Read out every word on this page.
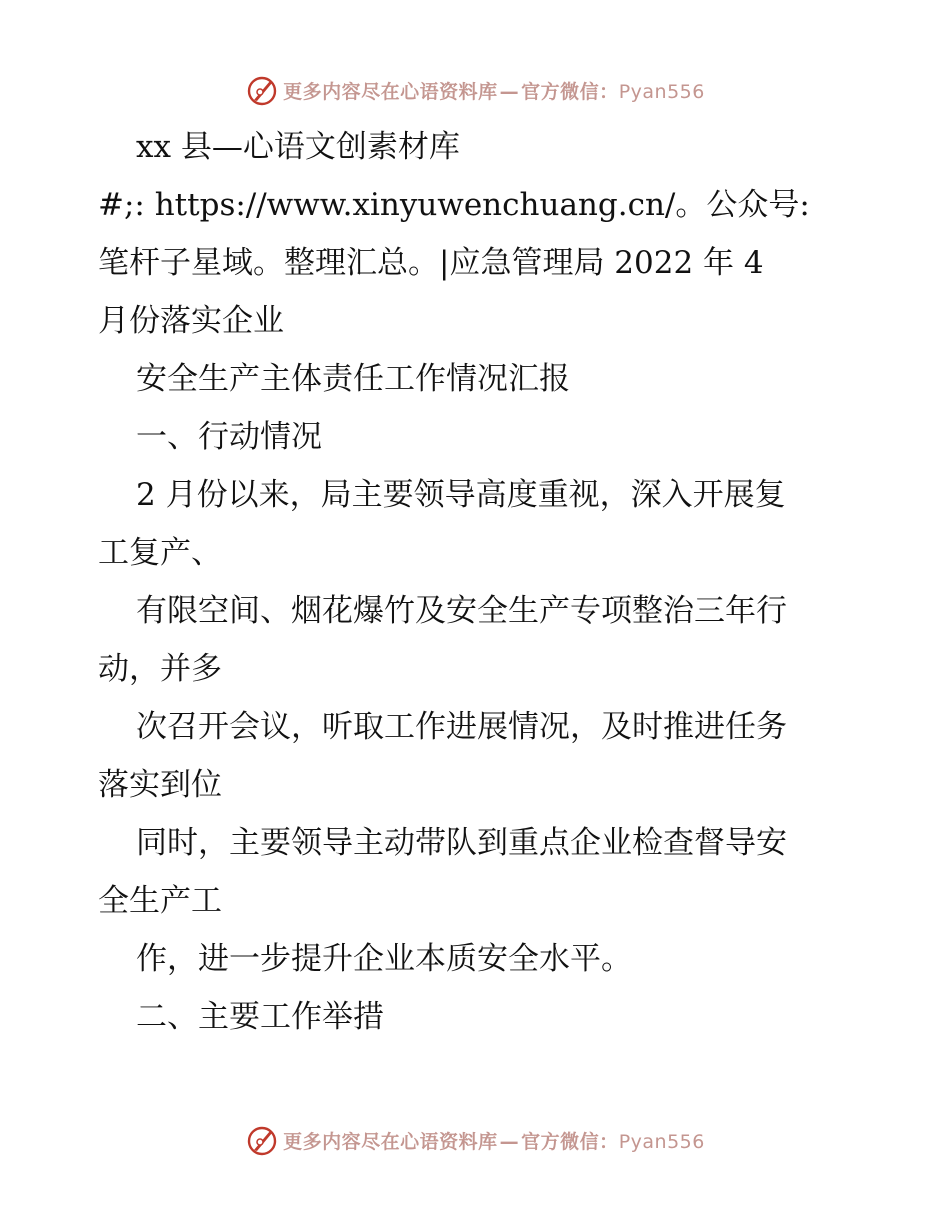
更多内容尽在心语资料库 — 官方微信：Pyan556
xx 县—心语文创素材库
#;: https://www.xinyuwenchuang.cn/。公众号:
笔杆子星域。整理汇总。|应急管理局 2022 年 4
月份落实企业
安全生产主体责任工作情况汇报
一、行动情况
2 月份以来，局主要领导高度重视，深入开展复
工复产、
有限空间、烟花爆竹及安全生产专项整治三年行
动，并多
次召开会议，听取工作进展情况，及时推进任务
落实到位
同时，主要领导主动带队到重点企业检查督导安
全生产工
作，进一步提升企业本质安全水平。
二、主要工作举措
更多内容尽在心语资料库 — 官方微信：Pyan556
